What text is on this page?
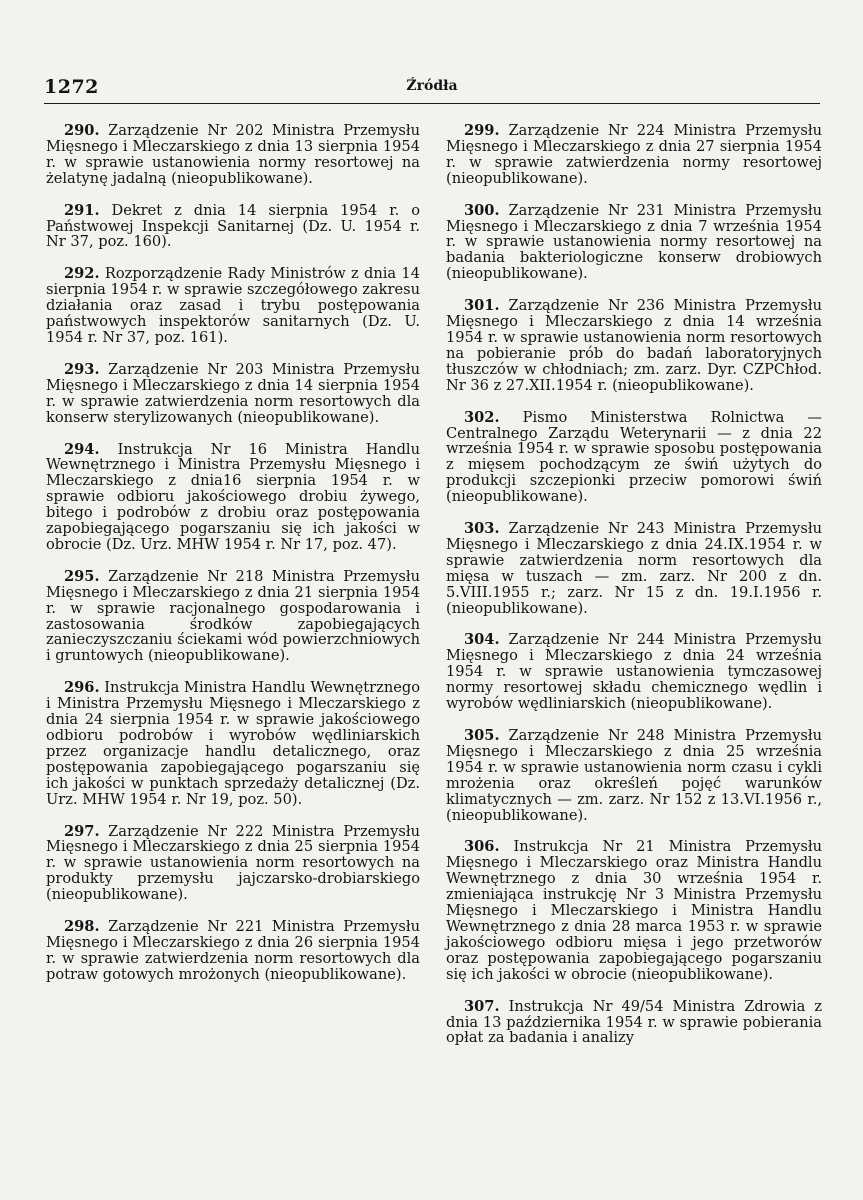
1272	Źródła

290. Zarządzenie Nr 202 Ministra Przemysłu Mięsnego i Mleczarskiego z dnia 13 sierpnia 1954 r. w sprawie ustanowienia normy resortowej na żelatynę jadalną (nieopublikowane).

291. Dekret z dnia 14 sierpnia 1954 r. o Państwowej Inspekcji Sanitarnej (Dz. U. 1954 r. Nr 37, poz. 160).

292. Rozporządzenie Rady Ministrów z dnia 14 sierpnia 1954 r. w sprawie szczegółowego zakresu działania oraz zasad i trybu postępowania państwowych inspektorów sanitarnych (Dz. U. 1954 r. Nr 37, poz. 161).

293. Zarządzenie Nr 203 Ministra Przemysłu Mięsnego i Mleczarskiego z dnia 14 sierpnia 1954 r. w sprawie zatwierdzenia norm resortowych dla konserw sterylizowanych (nieopublikowane).

294. Instrukcja Nr 16 Ministra Handlu Wewnętrznego i Ministra Przemysłu Mięsnego i Mleczarskiego z dnia16 sierpnia 1954 r. w sprawie odbioru jakościowego drobiu żywego, bitego i podrobów z drobiu oraz postępowania zapobiegającego pogarszaniu się ich jakości w obrocie (Dz. Urz. MHW 1954 r. Nr 17, poz. 47).

295. Zarządzenie Nr 218 Ministra Przemysłu Mięsnego i Mleczarskiego z dnia 21 sierpnia 1954 r. w sprawie racjonalnego gospodarowania i zastosowania środków zapobiegających zanieczyszczaniu ściekami wód powierzchniowych i gruntowych (nieopublikowane).

296. Instrukcja Ministra Handlu Wewnętrznego i Ministra Przemysłu Mięsnego i Mleczarskiego z dnia 24 sierpnia 1954 r. w sprawie jakościowego odbioru podrobów i wyrobów wędliniarskich przez organizacje handlu detalicznego, oraz postępowania zapobiegającego pogarszaniu się ich jakości w punktach sprzedaży detalicznej (Dz. Urz. MHW 1954 r. Nr 19, poz. 50).

297. Zarządzenie Nr 222 Ministra Przemysłu Mięsnego i Mleczarskiego z dnia 25 sierpnia 1954 r. w sprawie ustanowienia norm resortowych na produkty przemysłu jajczarsko-drobiarskiego (nieopublikowane).

298. Zarządzenie Nr 221 Ministra Przemysłu Mięsnego i Mleczarskiego z dnia 26 sierpnia 1954 r. w sprawie zatwierdzenia norm resortowych dla potraw gotowych mrożonych (nieopublikowane).

299. Zarządzenie Nr 224 Ministra Przemysłu Mięsnego i Mleczarskiego z dnia 27 sierpnia 1954 r. w sprawie zatwierdzenia normy resortowej (nieopublikowane).

300. Zarządzenie Nr 231 Ministra Przemysłu Mięsnego i Mleczarskiego z dnia 7 września 1954 r. w sprawie ustanowienia normy resortowej na badania bakteriologiczne konserw drobiowych (nieopublikowane).

301. Zarządzenie Nr 236 Ministra Przemysłu Mięsnego i Mleczarskiego z dnia 14 września 1954 r. w sprawie ustanowienia norm resortowych na pobieranie prób do badań laboratoryjnych tłuszczów w chłodniach; zm. zarz. Dyr. CZPChłod. Nr 36 z 27.XII.1954 r. (nieopublikowane).

302. Pismo Ministerstwa Rolnictwa — Centralnego Zarządu Weterynarii — z dnia 22 września 1954 r. w sprawie sposobu postępowania z mięsem pochodzącym ze świń użytych do produkcji szczepionki przeciw pomorowi świń (nieopublikowane).

303. Zarządzenie Nr 243 Ministra Przemysłu Mięsnego i Mleczarskiego z dnia 24.IX.1954 r. w sprawie zatwierdzenia norm resortowych dla mięsa w tuszach — zm. zarz. Nr 200 z dn. 5.VIII.1955 r.; zarz. Nr 15 z dn. 19.I.1956 r. (nieopublikowane).

304. Zarządzenie Nr 244 Ministra Przemysłu Mięsnego i Mleczarskiego z dnia 24 września 1954 r. w sprawie ustanowienia tymczasowej normy resortowej składu chemicznego wędlin i wyrobów wędliniarskich (nieopublikowane).

305. Zarządzenie Nr 248 Ministra Przemysłu Mięsnego i Mleczarskiego z dnia 25 września 1954 r. w sprawie ustanowienia norm czasu i cykli mrożenia oraz określeń pojęć warunków klimatycznych — zm. zarz. Nr 152 z 13.VI.1956 r., (nieopublikowane).

306. Instrukcja Nr 21 Ministra Przemysłu Mięsnego i Mleczarskiego oraz Ministra Handlu Wewnętrznego z dnia 30 września 1954 r. zmieniająca instrukcję Nr 3 Ministra Przemysłu Mięsnego i Mleczarskiego i Ministra Handlu Wewnętrznego z dnia 28 marca 1953 r. w sprawie jakościowego odbioru mięsa i jego przetworów oraz postępowania zapobiegającego pogarszaniu się ich jakości w obrocie (nieopublikowane).

307. Instrukcja Nr 49/54 Ministra Zdrowia z dnia 13 października 1954 r. w sprawie pobierania opłat za badania i analizy
